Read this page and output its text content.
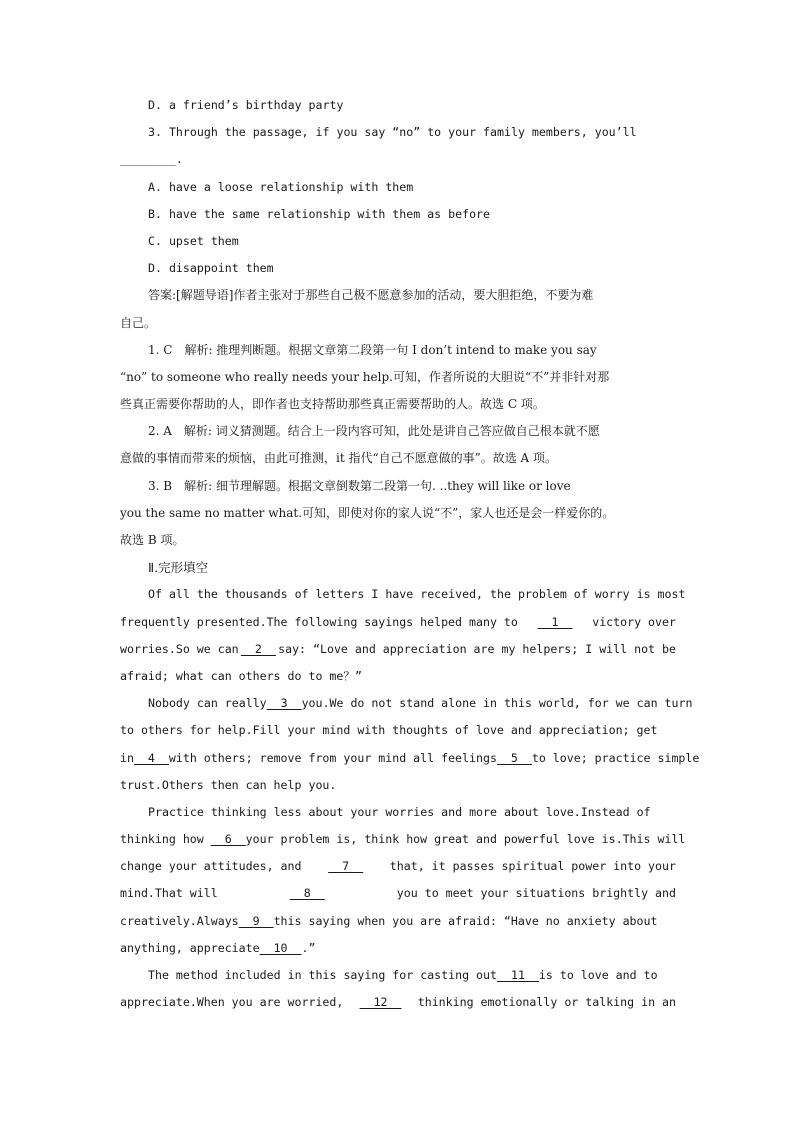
D. a friend’s birthday party
3. Through the passage, if you say “no” to your family members, you’ll
________.
A. have a loose relationship with them
B. have the same relationship with them as before
C. upset them
D. disappoint them
答案:[解题导语]作者主张对于那些自己极不愿意参加的活动，要大胆拒绝，不要为难
自己。
1. C　解析: 推理判断题。根据文章第二段第一句 I don’t intend to make you say
“no” to someone who really needs your help.可知，作者所说的大胆说“不”并非针对那
些真正需要你帮助的人，即作者也支持帮助那些真正需要帮助的人。故选 C 项。
2. A　解析: 词义猜测题。结合上一段内容可知，此处是讲自己答应做自己根本就不愿
意做的事情而带来的烦恼，由此可推测，it 指代“自己不愿意做的事”。故选 A 项。
3. B　解析: 细节理解题。根据文章倒数第二段第一句. ..they will like or love
you the same no matter what.可知，即使对你的家人说“不”，家人也还是会一样爱你的。
故选 B 项。
Ⅱ.完形填空
Of all the thousands of letters I have received, the problem of worry is most
frequently presented.The following sayings helped many to __1__ victory over
worries.So we can __2__ say: “Love and appreciation are my helpers; I will not be
afraid; what can others do to me？”
Nobody can really__3__you.We do not stand alone in this world, for we can turn
to others for help.Fill your mind with thoughts of love and appreciation; get
in__4__with others; remove from your mind all feelings__5__to love; practice simple
trust.Others then can help you.
Practice thinking less about your worries and more about love.Instead of
thinking how __6__your problem is, think how great and powerful love is.This will
change your attitudes, and __7__ that, it passes spiritual power into your
mind.That will	__8__	you to meet your situations brightly and
creatively.Always__9__this saying when you are afraid: “Have no anxiety about
anything, appreciate__10__.”
The method included in this saying for casting out__11__is to love and to
appreciate.When you are worried, __12__ thinking emotionally or talking in an
